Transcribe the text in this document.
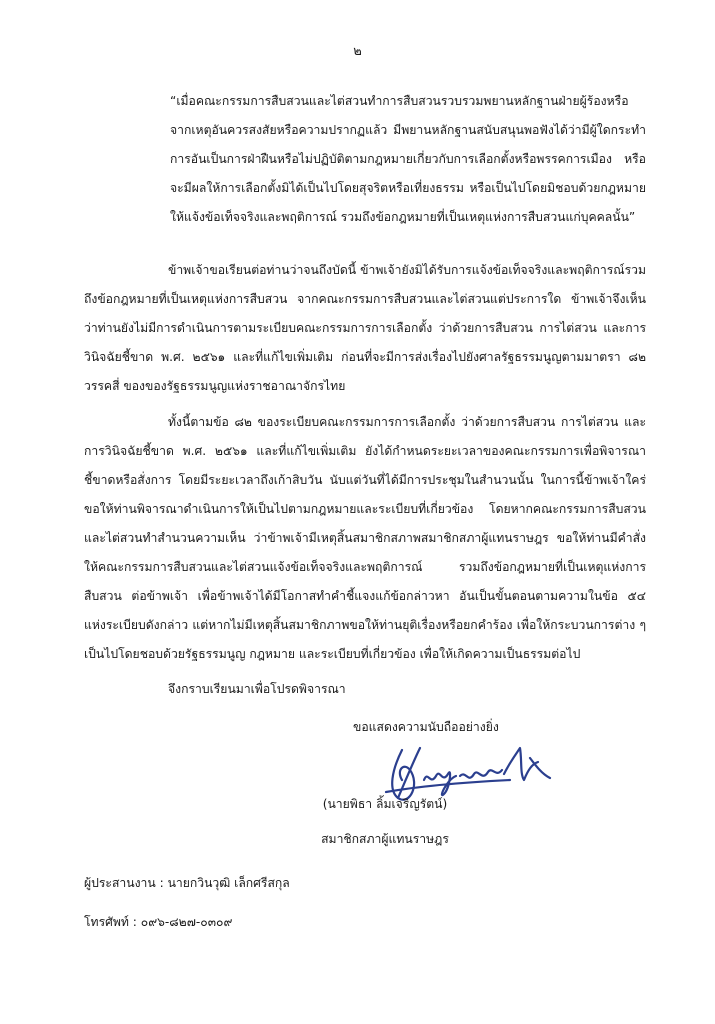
๒

“เมื่อคณะกรรมการสืบสวนและไต่สวนทำการสืบสวนรวบรวมพยานหลักฐานฝ่ายผู้ร้องหรือจากเหตุอันควรสงสัยหรือความปรากฏแล้ว มีพยานหลักฐานสนับสนุนพอฟังได้ว่ามีผู้ใดกระทำการอันเป็นการฝ่าฝืนหรือไม่ปฏิบัติตามกฎหมายเกี่ยวกับการเลือกตั้งหรือพรรคการเมือง หรือจะมีผลให้การเลือกตั้งมิได้เป็นไปโดยสุจริตหรือเที่ยงธรรม หรือเป็นไปโดยมิชอบด้วยกฎหมาย ให้แจ้งข้อเท็จจริงและพฤติการณ์ รวมถึงข้อกฎหมายที่เป็นเหตุแห่งการสืบสวนแก่บุคคลนั้น”

ข้าพเจ้าขอเรียนต่อท่านว่าจนถึงบัดนี้ ข้าพเจ้ายังมิได้รับการแจ้งข้อเท็จจริงและพฤติการณ์รวมถึงข้อกฎหมายที่เป็นเหตุแห่งการสืบสวน จากคณะกรรมการสืบสวนและไต่สวนแต่ประการใด ข้าพเจ้าจึงเห็นว่าท่านยังไม่มีการดำเนินการตามระเบียบคณะกรรมการการเลือกตั้ง ว่าด้วยการสืบสวน การไต่สวน และการวินิจฉัยชี้ขาด พ.ศ. ๒๕๖๑ และที่แก้ไขเพิ่มเติม ก่อนที่จะมีการส่งเรื่องไปยังศาลรัฐธรรมนูญตามมาตรา ๘๒ วรรคสี่ ของของรัฐธรรมนูญแห่งราชอาณาจักรไทย

ทั้งนี้ตามข้อ ๘๒ ของระเบียบคณะกรรมการการเลือกตั้ง ว่าด้วยการสืบสวน การไต่สวน และการวินิจฉัยชี้ขาด พ.ศ. ๒๕๖๑ และที่แก้ไขเพิ่มเติม ยังได้กำหนดระยะเวลาของคณะกรรมการเพื่อพิจารณาชี้ขาดหรือสั่งการ โดยมีระยะเวลาถึงเก้าสิบวัน นับแต่วันที่ได้มีการประชุมในสำนวนนั้น ในการนี้ข้าพเจ้าใคร่ขอให้ท่านพิจารณาดำเนินการให้เป็นไปตามกฎหมายและระเบียบที่เกี่ยวข้อง โดยหากคณะกรรมการสืบสวนและไต่สวนทำสำนวนความเห็น ว่าข้าพเจ้ามีเหตุสิ้นสมาชิกสภาพสมาชิกสภาผู้แทนราษฎร ขอให้ท่านมีคำสั่งให้คณะกรรมการสืบสวนและไต่สวนแจ้งข้อเท็จจริงและพฤติการณ์ รวมถึงข้อกฎหมายที่เป็นเหตุแห่งการสืบสวน ต่อข้าพเจ้า เพื่อข้าพเจ้าได้มีโอกาสทำคำชี้แจงแก้ข้อกล่าวหา อันเป็นขั้นตอนตามความในข้อ ๕๔ แห่งระเบียบดังกล่าว แต่หากไม่มีเหตุสิ้นสมาชิกภาพขอให้ท่านยุติเรื่องหรือยกคำร้อง เพื่อให้กระบวนการต่าง ๆ เป็นไปโดยชอบด้วยรัฐธรรมนูญ กฎหมาย และระเบียบที่เกี่ยวข้อง เพื่อให้เกิดความเป็นธรรมต่อไป

จึงกราบเรียนมาเพื่อโปรดพิจารณา
ขอแสดงความนับถืออย่างยิ่ง
(นายพิธา ลิ้มเจริญรัตน์)
สมาชิกสภาผู้แทนราษฎร
ผู้ประสานงาน : นายกวินวุฒิ เล็กศรีสกุล
โทรศัพท์ : ๐๙๖-๘๒๗-๐๓๐๙
